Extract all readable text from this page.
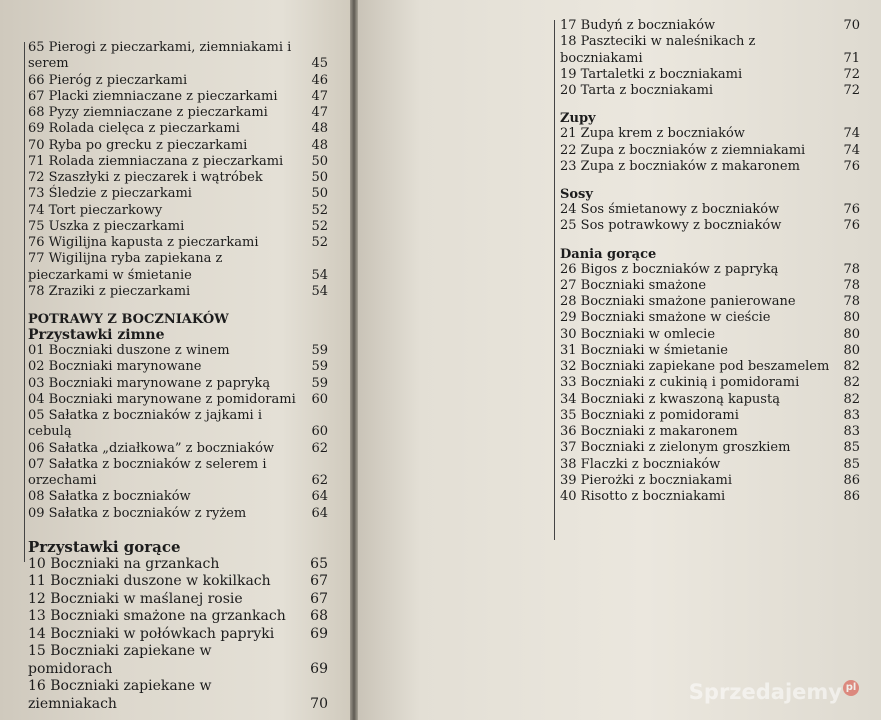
65 Pierogi z pieczarkami, ziemniakami i serem	45
66 Pieróg z pieczarkami	46
67 Placki ziemniaczane z pieczarkami	47
68 Pyzy ziemniaczane z pieczarkami	47
69 Rolada cielęca z pieczarkami	48
70 Ryba po grecku z pieczarkami	48
71 Rolada ziemniaczana z pieczarkami	50
72 Szaszłyki z pieczarek i wątróbek	50
73 Śledzie z pieczarkami	50
74 Tort pieczarkowy	52
75 Uszka z pieczarkami	52
76 Wigilijna kapusta z pieczarkami	52
77 Wigilijna ryba zapiekana z pieczarkami w śmietanie	54
78 Zraziki z pieczarkami	54
POTRAWY Z BOCZNIAKÓW
Przystawki zimne
01 Boczniaki duszone z winem	59
02 Boczniaki marynowane	59
03 Boczniaki marynowane z papryką	59
04 Boczniaki marynowane z pomidorami 60
05 Sałatka z boczniaków z jajkami i cebulą	60
06 Sałatka „działkowa” z boczniaków	62
07 Sałatka z boczniaków z selerem i orzechami	62
08 Sałatka z boczniaków	64
09 Sałatka z boczniaków z ryżem	64
Przystawki gorące
10 Boczniaki na grzankach	65
11 Boczniaki duszone w kokilkach	67
12 Boczniaki w maślanej rosie	67
13 Boczniaki smażone na grzankach	68
14 Boczniaki w połówkach papryki	69
15 Boczniaki zapiekane w pomidorach	69
16 Boczniaki zapiekane w ziemniakach	70
17 Budyń z boczniaków	70
18 Paszteciki w naleśnikach z boczniakami	71
19 Tartaletki z boczniakami	72
20 Tarta z boczniakami	72
Zupy
21 Zupa krem z boczniaków	74
22 Zupa z boczniaków z ziemniakami	74
23 Zupa z boczniaków z makaronem	76
Sosy
24 Sos śmietanowy z boczniaków	76
25 Sos potrawkowy z boczniaków	76
Dania gorące
26 Bigos z boczniaków z papryką	78
27 Boczniaki smażone	78
28 Boczniaki smażone panierowane	78
29 Boczniaki smażone w cieście	80
30 Boczniaki w omlecie	80
31 Boczniaki w śmietanie	80
32 Boczniaki zapiekane pod beszamelem 82
33 Boczniaki z cukinią i pomidorami	82
34 Boczniaki z kwaszoną kapustą	82
35 Boczniaki z pomidorami	83
36 Boczniaki z makaronem	83
37 Boczniaki z zielonym groszkiem	85
38 Flaczki z boczniaków	85
39 Pierożki z boczniakami	86
40 Risotto z boczniakami	86
Sprzedajemy pl
